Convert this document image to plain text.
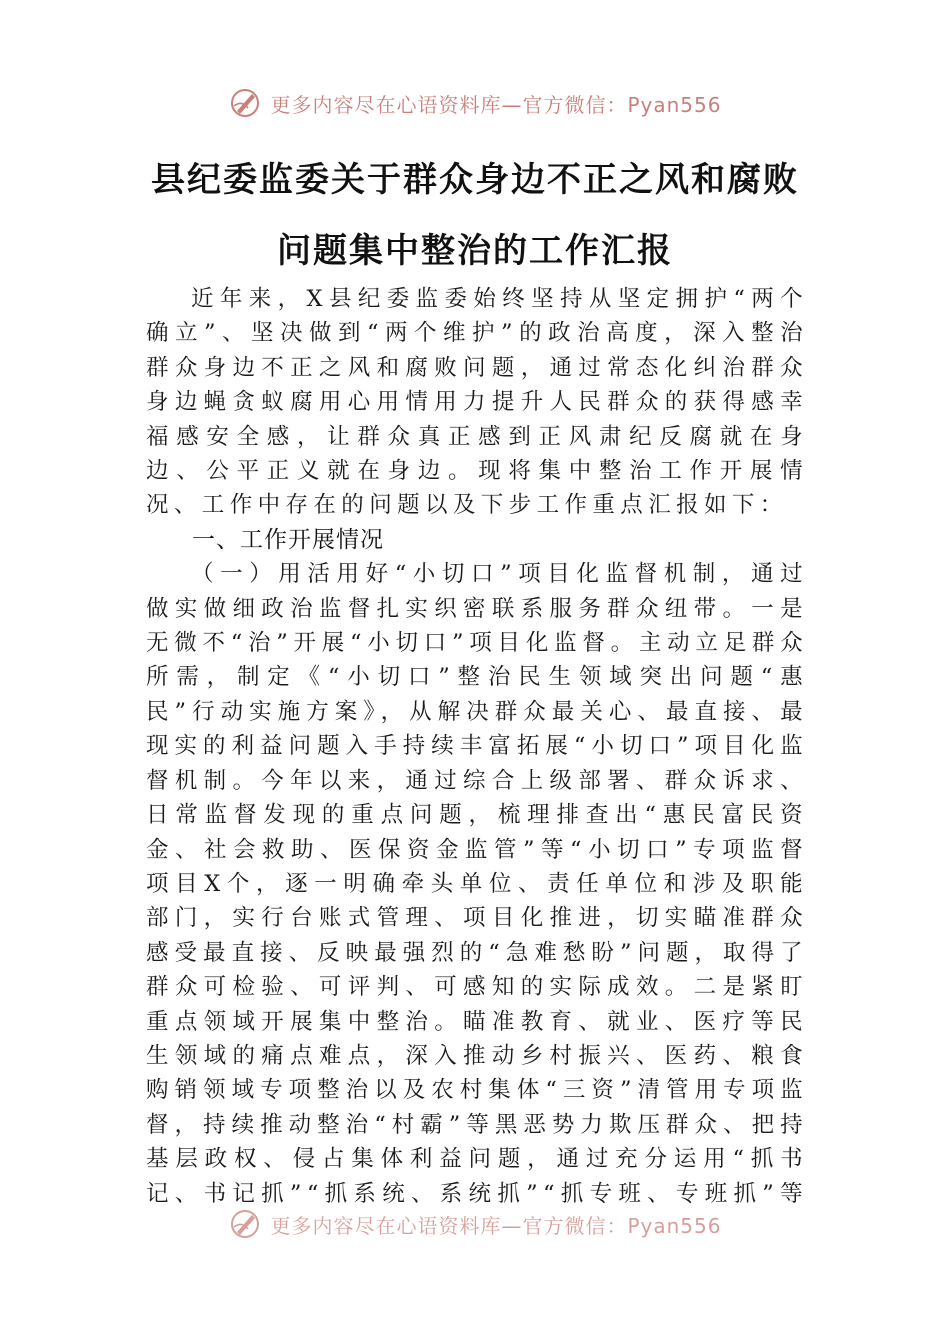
更多内容尽在心语资料库—官方微信：Pyan556
县纪委监委关于群众身边不正之风和腐败
问题集中整治的工作汇报

近年来，X县纪委监委始终坚持从坚定拥护“两个确立”、坚决做到“两个维护”的政治高度，深入整治群众身边不正之风和腐败问题，通过常态化纠治群众身边蝇贪蚁腐用心用情用力提升人民群众的获得感幸福感安全感，让群众真正感到正风肃纪反腐就在身边、公平正义就在身边。现将集中整治工作开展情况、工作中存在的问题以及下步工作重点汇报如下：

一、工作开展情况

（一）用活用好“小切口”项目化监督机制，通过做实做细政治监督扎实织密联系服务群众纽带。一是无微不“治”开展“小切口”项目化监督。主动立足群众所需，制定《“小切口”整治民生领域突出问题“惠民”行动实施方案》，从解决群众最关心、最直接、最现实的利益问题入手持续丰富拓展“小切口”项目化监督机制。今年以来，通过综合上级部署、群众诉求、日常监督发现的重点问题，梳理排查出“惠民富民资金、社会救助、医保资金监管”等“小切口”专项监督项目X个，逐一明确牵头单位、责任单位和涉及职能部门，实行台账式管理、项目化推进，切实瞄准群众感受最直接、反映最强烈的“急难愁盼”问题，取得了群众可检验、可评判、可感知的实际成效。二是紧盯重点领域开展集中整治。瞄准教育、就业、医疗等民生领域的痛点难点，深入推动乡村振兴、医药、粮食购销领域专项整治以及农村集体“三资”清管用专项监督，持续推动整治“村霸”等黑恶势力欺压群众、把持基层政权、侵占集体利益问题，通过充分运用“抓书记、书记抓”“抓系统、系统抓”“抓专班、专班抓”等

更多内容尽在心语资料库—官方微信：Pyan556
